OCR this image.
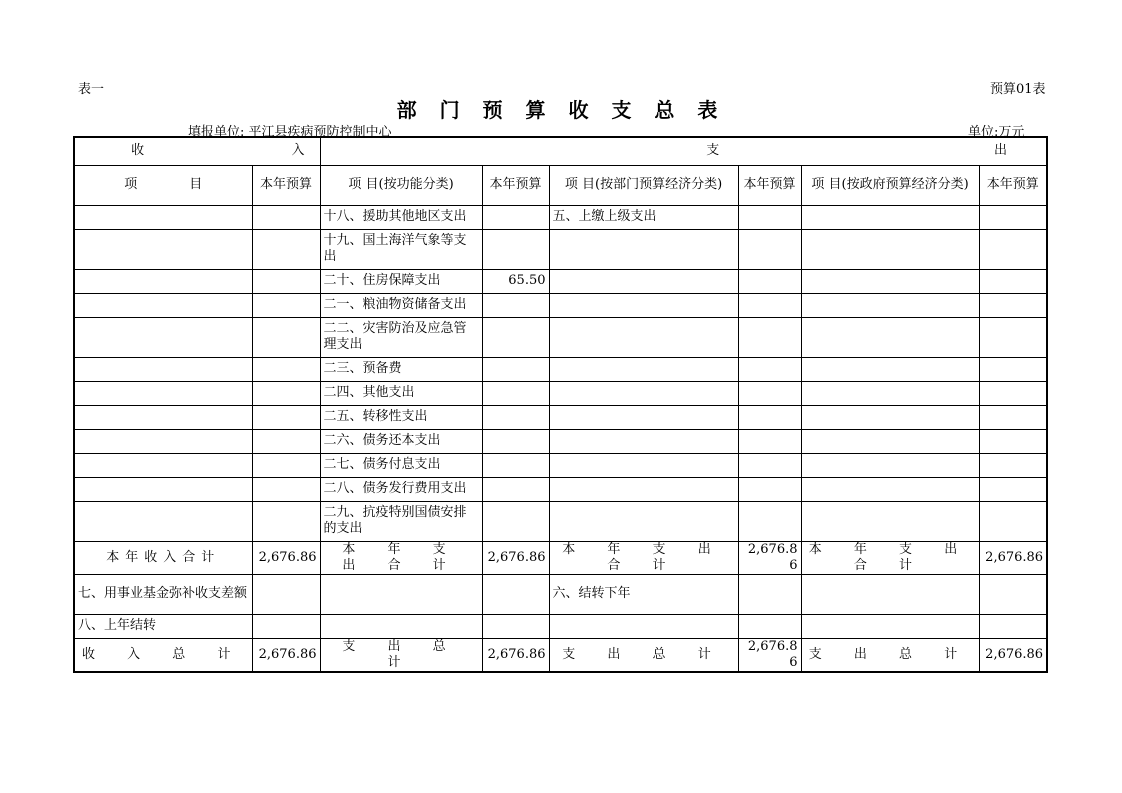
表一	预算01表
部 门 预 算 收 支 总 表
填报单位: 平江县疾病预防控制中心	单位:万元
收 入		支 出					
项　　　　目	本年预算	项 目(按功能分类)	本年预算	项 目(按部门预算经济分类)	本年预算	项 目(按政府预算经济分类)	本年预算
		十八、援助其他地区支出		五、上缴上级支出			
		十九、国土海洋气象等支出					
		二十、住房保障支出	65.50				
		二一、粮油物资储备支出					
		二二、灾害防治及应急管理支出					
		二三、预备费					
		二四、其他支出					
		二五、转移性支出					
		二六、债务还本支出					
		二七、债务付息支出					
		二八、债务发行费用支出					
		二九、抗疫特别国债安排的支出					
本年收入合计	2,676.86	本 年 支 出 合 计	2,676.86	本 年 支 出 合 计	2,676.86	本 年 支 出 合 计	2,676.86
七、用事业基金弥补收支差额				六、结转下年			
八、上年结转							
收 入 总 计	2,676.86	支 出 总 计	2,676.86	支 出 总 计	2,676.86	支 出 总 计	2,676.86
